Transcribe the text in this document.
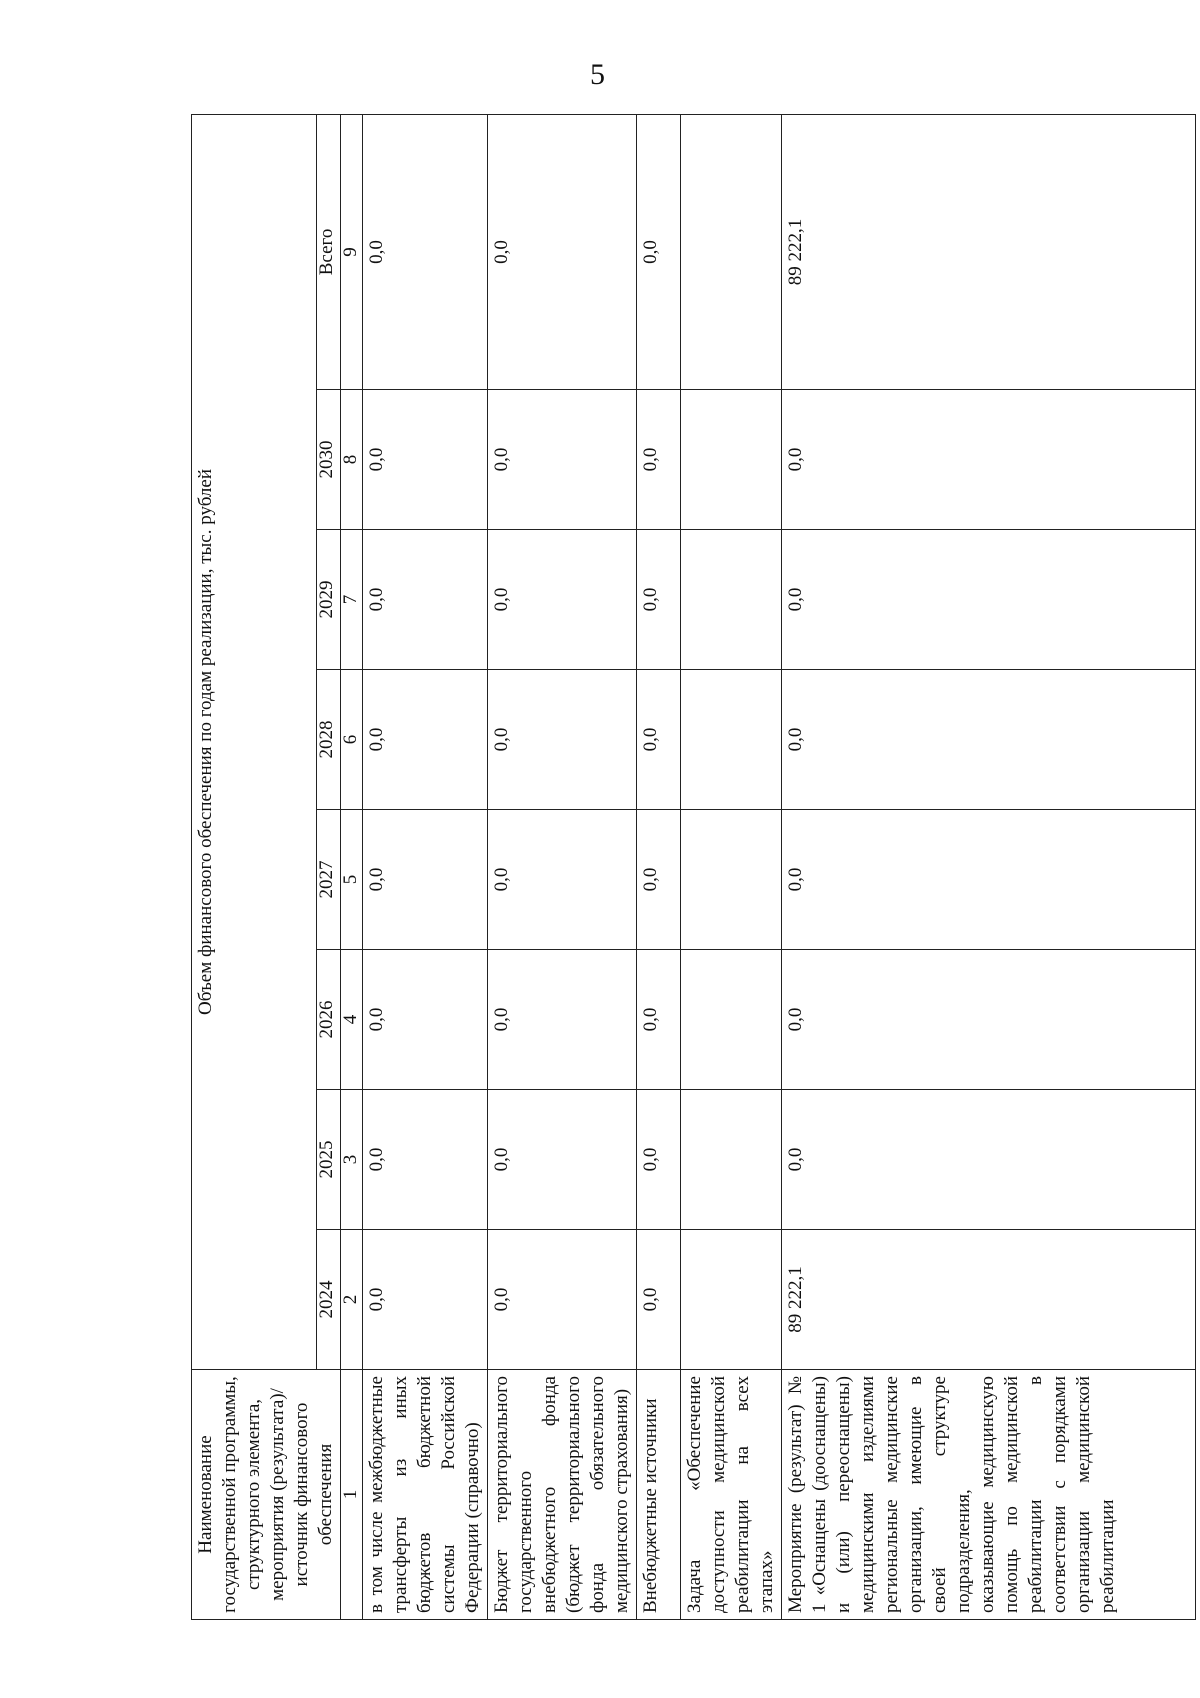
5
Наименование государственной программы, структурного элемента, мероприятия (результата)/источник финансового обеспечения	Объем финансового обеспечения по годам реализации, тыс. рублей							
	2024	2025	2026	2027	2028	2029	2030	Всего
1	2	3	4	5	6	7	8	9
в том числе межбюджетные трансферты из иных бюджетов бюджетной системы Российской Федерации (справочно)	0,0	0,0	0,0	0,0	0,0	0,0	0,0	0,0
Бюджет территориального государственного внебюджетного фонда (бюджет территориального фонда обязательного медицинского страхования)	0,0	0,0	0,0	0,0	0,0	0,0	0,0	0,0
Внебюджетные источники	0,0	0,0	0,0	0,0	0,0	0,0	0,0	0,0
Задача «Обеспечение доступности медицинской реабилитации на всех этапах»								
Мероприятие (результат) № 1 «Оснащены (дооснащены) и (или) переоснащены) медицинскими изделиями региональные медицинские организации, имеющие в своей структуре подразделения, оказывающие медицинскую помощь по медицинской реабилитации в соответствии с порядками организации медицинской реабилитации	89 222,1	0,0	0,0	0,0	0,0	0,0	0,0	89 222,1
